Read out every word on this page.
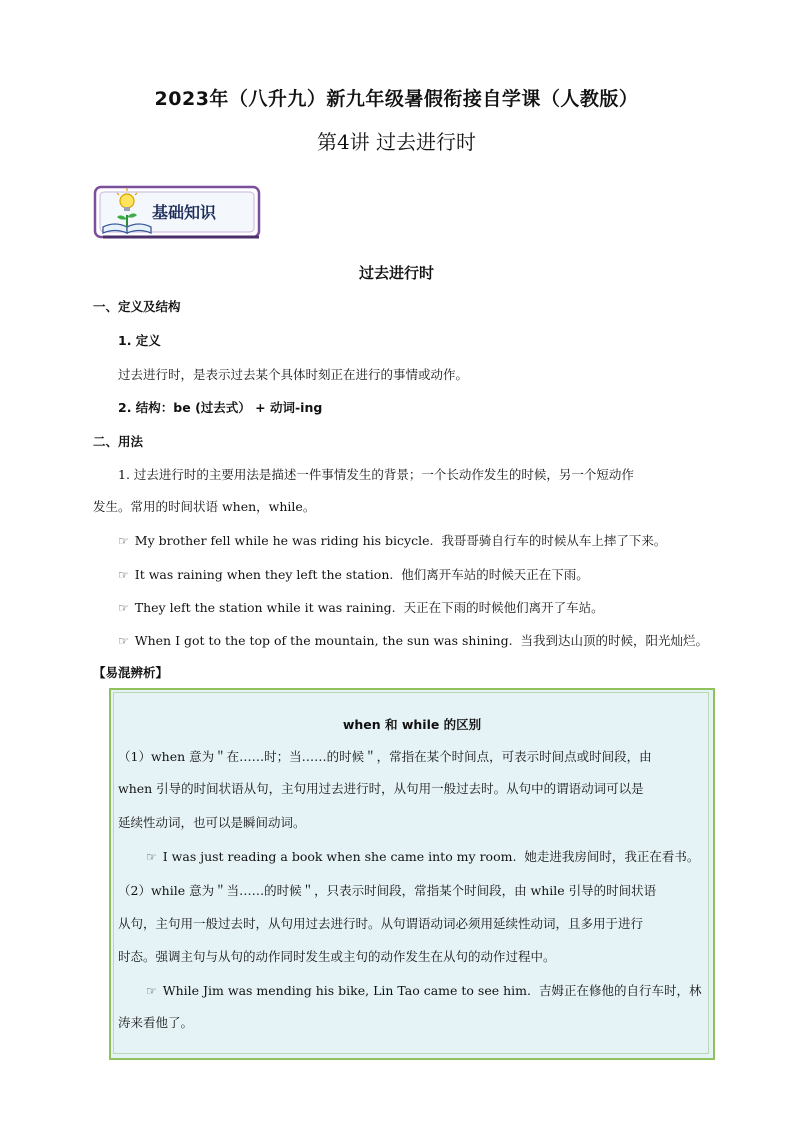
2023年（八升九）新九年级暑假衔接自学课（人教版）
第4讲 过去进行时
基础知识
过去进行时
一、定义及结构
1. 定义
过去进行时，是表示过去某个具体时刻正在进行的事情或动作。
2. 结构：be (过去式） + 动词-ing
二、用法
1. 过去进行时的主要用法是描述一件事情发生的背景；一个长动作发生的时候，另一个短动作
发生。常用的时间状语 when，while。
☞ My brother fell while he was riding his bicycle. 我哥哥骑自行车的时候从车上摔了下来。
☞ It was raining when they left the station. 他们离开车站的时候天正在下雨。
☞ They left the station while it was raining. 天正在下雨的时候他们离开了车站。
☞ When I got to the top of the mountain, the sun was shining. 当我到达山顶的时候，阳光灿烂。
【易混辨析】
when 和 while 的区别
（1）when 意为＂在……时；当……的时候＂，常指在某个时间点，可表示时间点或时间段，由
when 引导的时间状语从句，主句用过去进行时，从句用一般过去时。从句中的谓语动词可以是
延续性动词，也可以是瞬间动词。
☞ I was just reading a book when she came into my room. 她走进我房间时，我正在看书。
（2）while 意为＂当……的时候＂，只表示时间段，常指某个时间段，由 while 引导的时间状语
从句，主句用一般过去时，从句用过去进行时。从句谓语动词必须用延续性动词，且多用于进行
时态。强调主句与从句的动作同时发生或主句的动作发生在从句的动作过程中。
☞ While Jim was mending his bike, Lin Tao came to see him. 吉姆正在修他的自行车时，林
涛来看他了。
